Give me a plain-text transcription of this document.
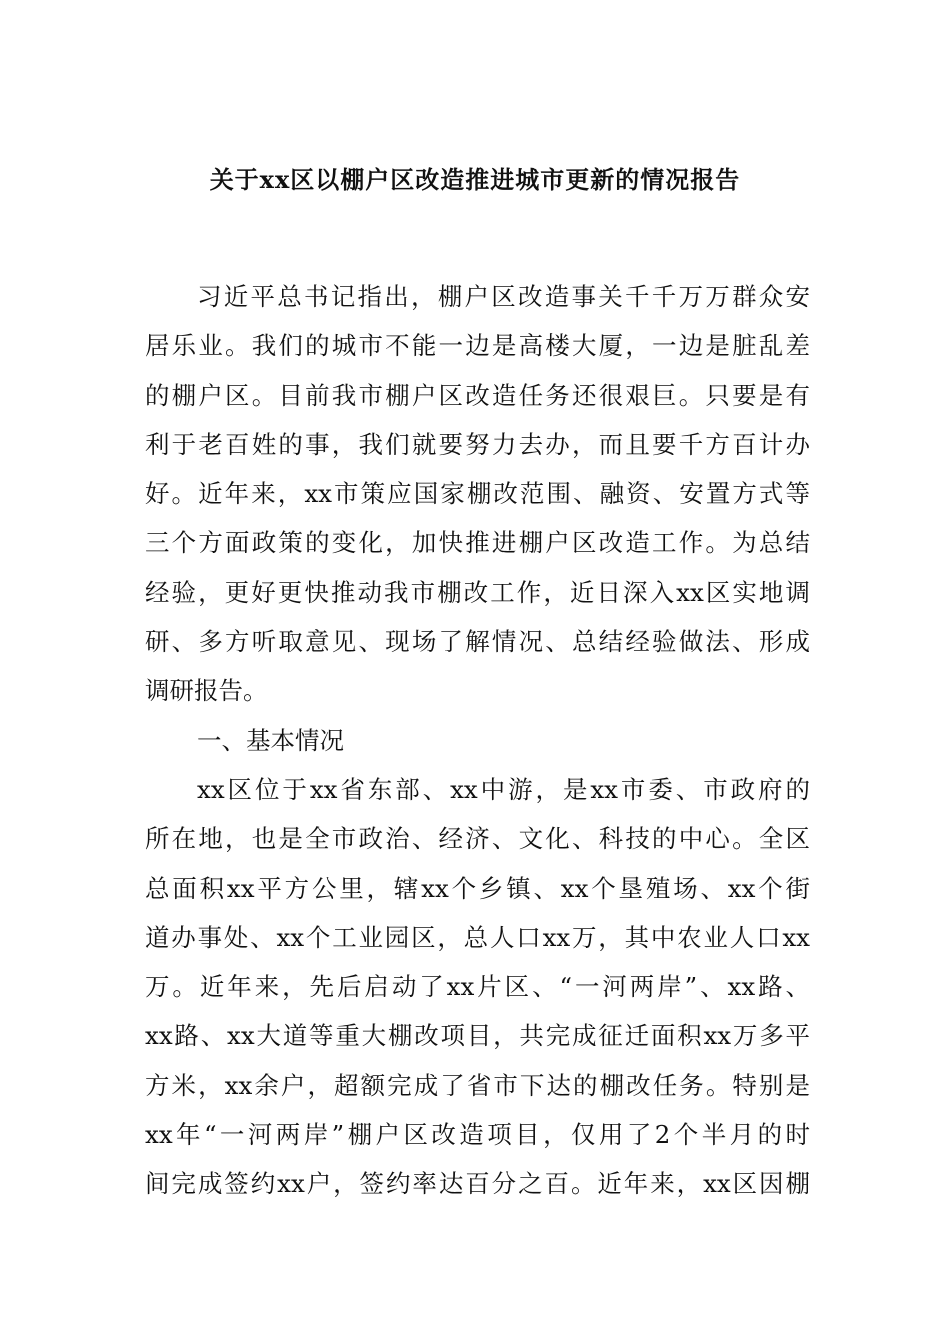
关于xx区以棚户区改造推进城市更新的情况报告
习近平总书记指出，棚户区改造事关千千万万群众安
居乐业。我们的城市不能一边是高楼大厦，一边是脏乱差
的棚户区。目前我市棚户区改造任务还很艰巨。只要是有
利于老百姓的事，我们就要努力去办，而且要千方百计办
好。近年来，xx市策应国家棚改范围、融资、安置方式等
三个方面政策的变化，加快推进棚户区改造工作。为总结
经验，更好更快推动我市棚改工作，近日深入xx区实地调
研、多方听取意见、现场了解情况、总结经验做法、形成
调研报告。
一、基本情况
xx区位于xx省东部、xx中游，是xx市委、市政府的
所在地，也是全市政治、经济、文化、科技的中心。全区
总面积xx平方公里，辖xx个乡镇、xx个垦殖场、xx个街
道办事处、xx个工业园区，总人口xx万，其中农业人口xx
万。近年来，先后启动了xx片区、“一河两岸”、xx路、
xx路、xx大道等重大棚改项目，共完成征迁面积xx万多平
方米，xx余户，超额完成了省市下达的棚改任务。特别是
xx年“一河两岸”棚户区改造项目，仅用了2个半月的时
间完成签约xx户，签约率达百分之百。近年来，xx区因棚
